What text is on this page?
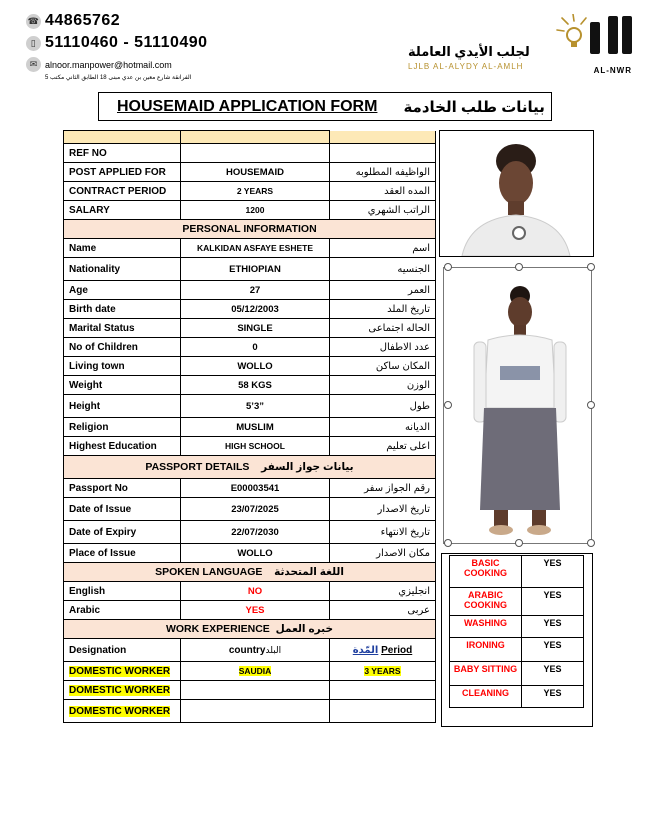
☎ 44865762
▯ 51110460 - 51110490
✉ alnoor.manpower@hotmail.com
الفرانقة شارع معين بن عدي مبنى 18 الطابق الثاني مكتب 5
لجلب الأيدي العاملة
LJLB AL-ALYDY AL-AMLH
النور
AL-NWR
HOUSEMAID APPLICATION FORM بيانات طلب الخادمة

REF NO		
POST APPLIED FOR	HOUSEMAID	الواظيفه المطلوبه
CONTRACT PERIOD	2 YEARS	المده العقد
SALARY	1200	الراتب الشهري
PERSONAL INFORMATION		
Name	KALKIDAN ASFAYE ESHETE	اسم
Nationality	ETHIOPIAN	الجنسيه
Age	27	العمر
Birth date	05/12/2003	تاريخ الملد
Marital Status	SINGLE	الحاله اجتماعى
No of Children	0	عدد الاطفال
Living town	WOLLO	المكان ساكن
Weight	58 KGS	الوزن
Height	5’3”	طول
Religion	MUSLIM	الديانه
Highest Education	HIGH SCHOOL	اعلى تعليم
PASSPORT DETAILS بيانات جواز السفر		
Passport No	E00003541	رقم الجواز سفر
Date of Issue	23/07/2025	تاريخ الاصدار
Date of Expiry	22/07/2030	تاريخ الانتهاء
Place of Issue	WOLLO	مكان الاصدار
SPOKEN LANGUAGE اللغة المتحدثة		
English	NO	انجليزي
Arabic	YES	عربى
WORK EXPERIENCE خبره العمل		
Designation	countryالبلد	المّدة Period
DOMESTIC WORKER	SAUDIA	3 YEARS
DOMESTIC WORKER		
DOMESTIC WORKER		
BASIC COOKING	YES
ARABIC COOKING	YES
WASHING	YES
IRONING	YES
BABY SITTING	YES
CLEANING	YES
